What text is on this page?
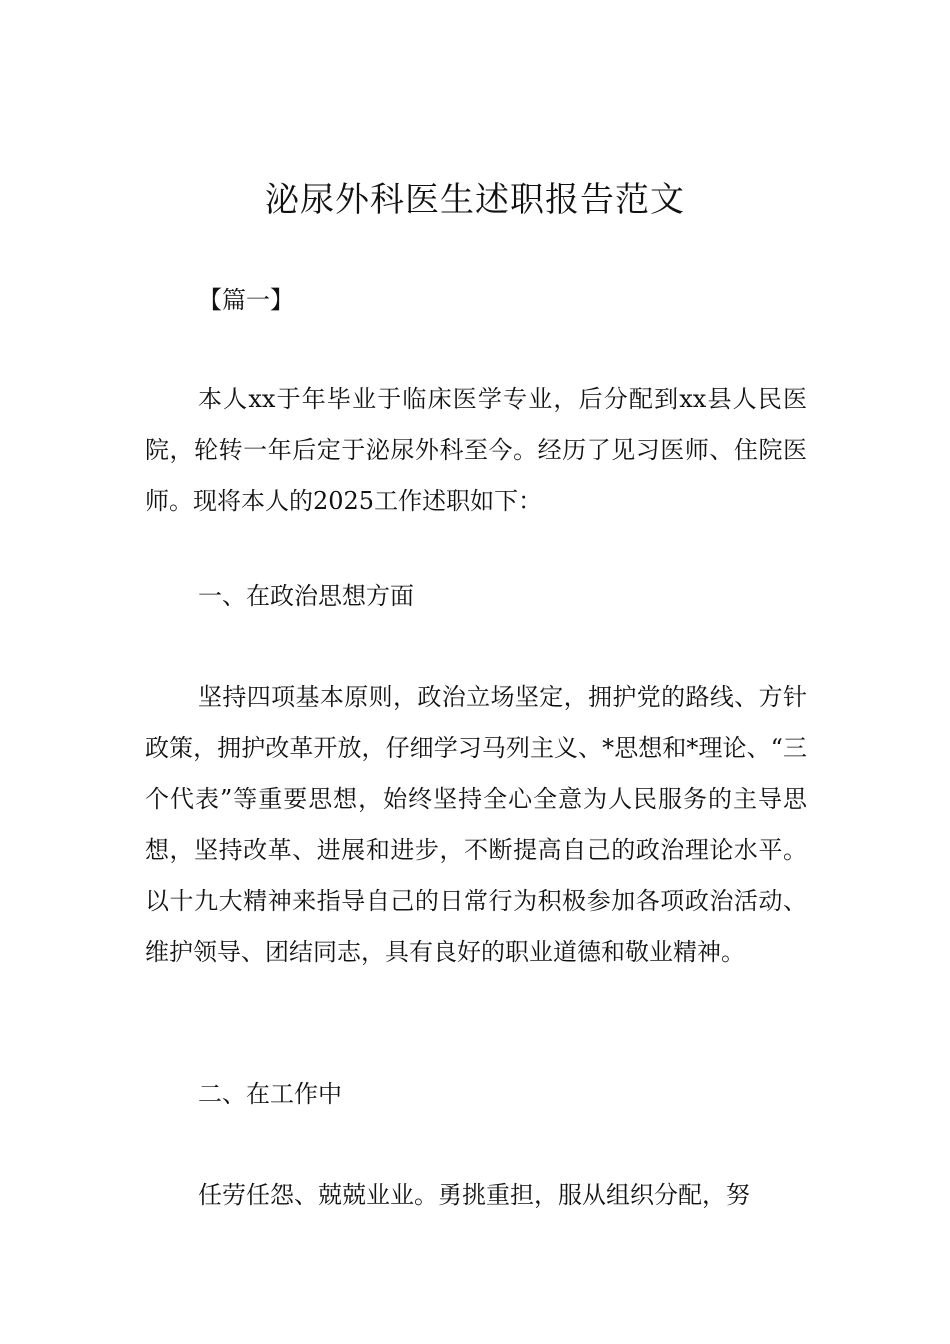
泌尿外科医生述职报告范文
【篇一】

本人xx于年毕业于临床医学专业，后分配到xx县人民医院，轮转一年后定于泌尿外科至今。经历了见习医师、住院医师。现将本人的2025工作述职如下：

一、在政治思想方面

坚持四项基本原则，政治立场坚定，拥护党的路线、方针政策，拥护改革开放，仔细学习马列主义、*思想和*理论、“三个代表”等重要思想，始终坚持全心全意为人民服务的主导思想，坚持改革、进展和进步，不断提高自己的政治理论水平。以十九大精神来指导自己的日常行为积极参加各项政治活动、维护领导、团结同志，具有良好的职业道德和敬业精神。

二、在工作中

任劳任怨、兢兢业业。勇挑重担，服从组织分配，努
